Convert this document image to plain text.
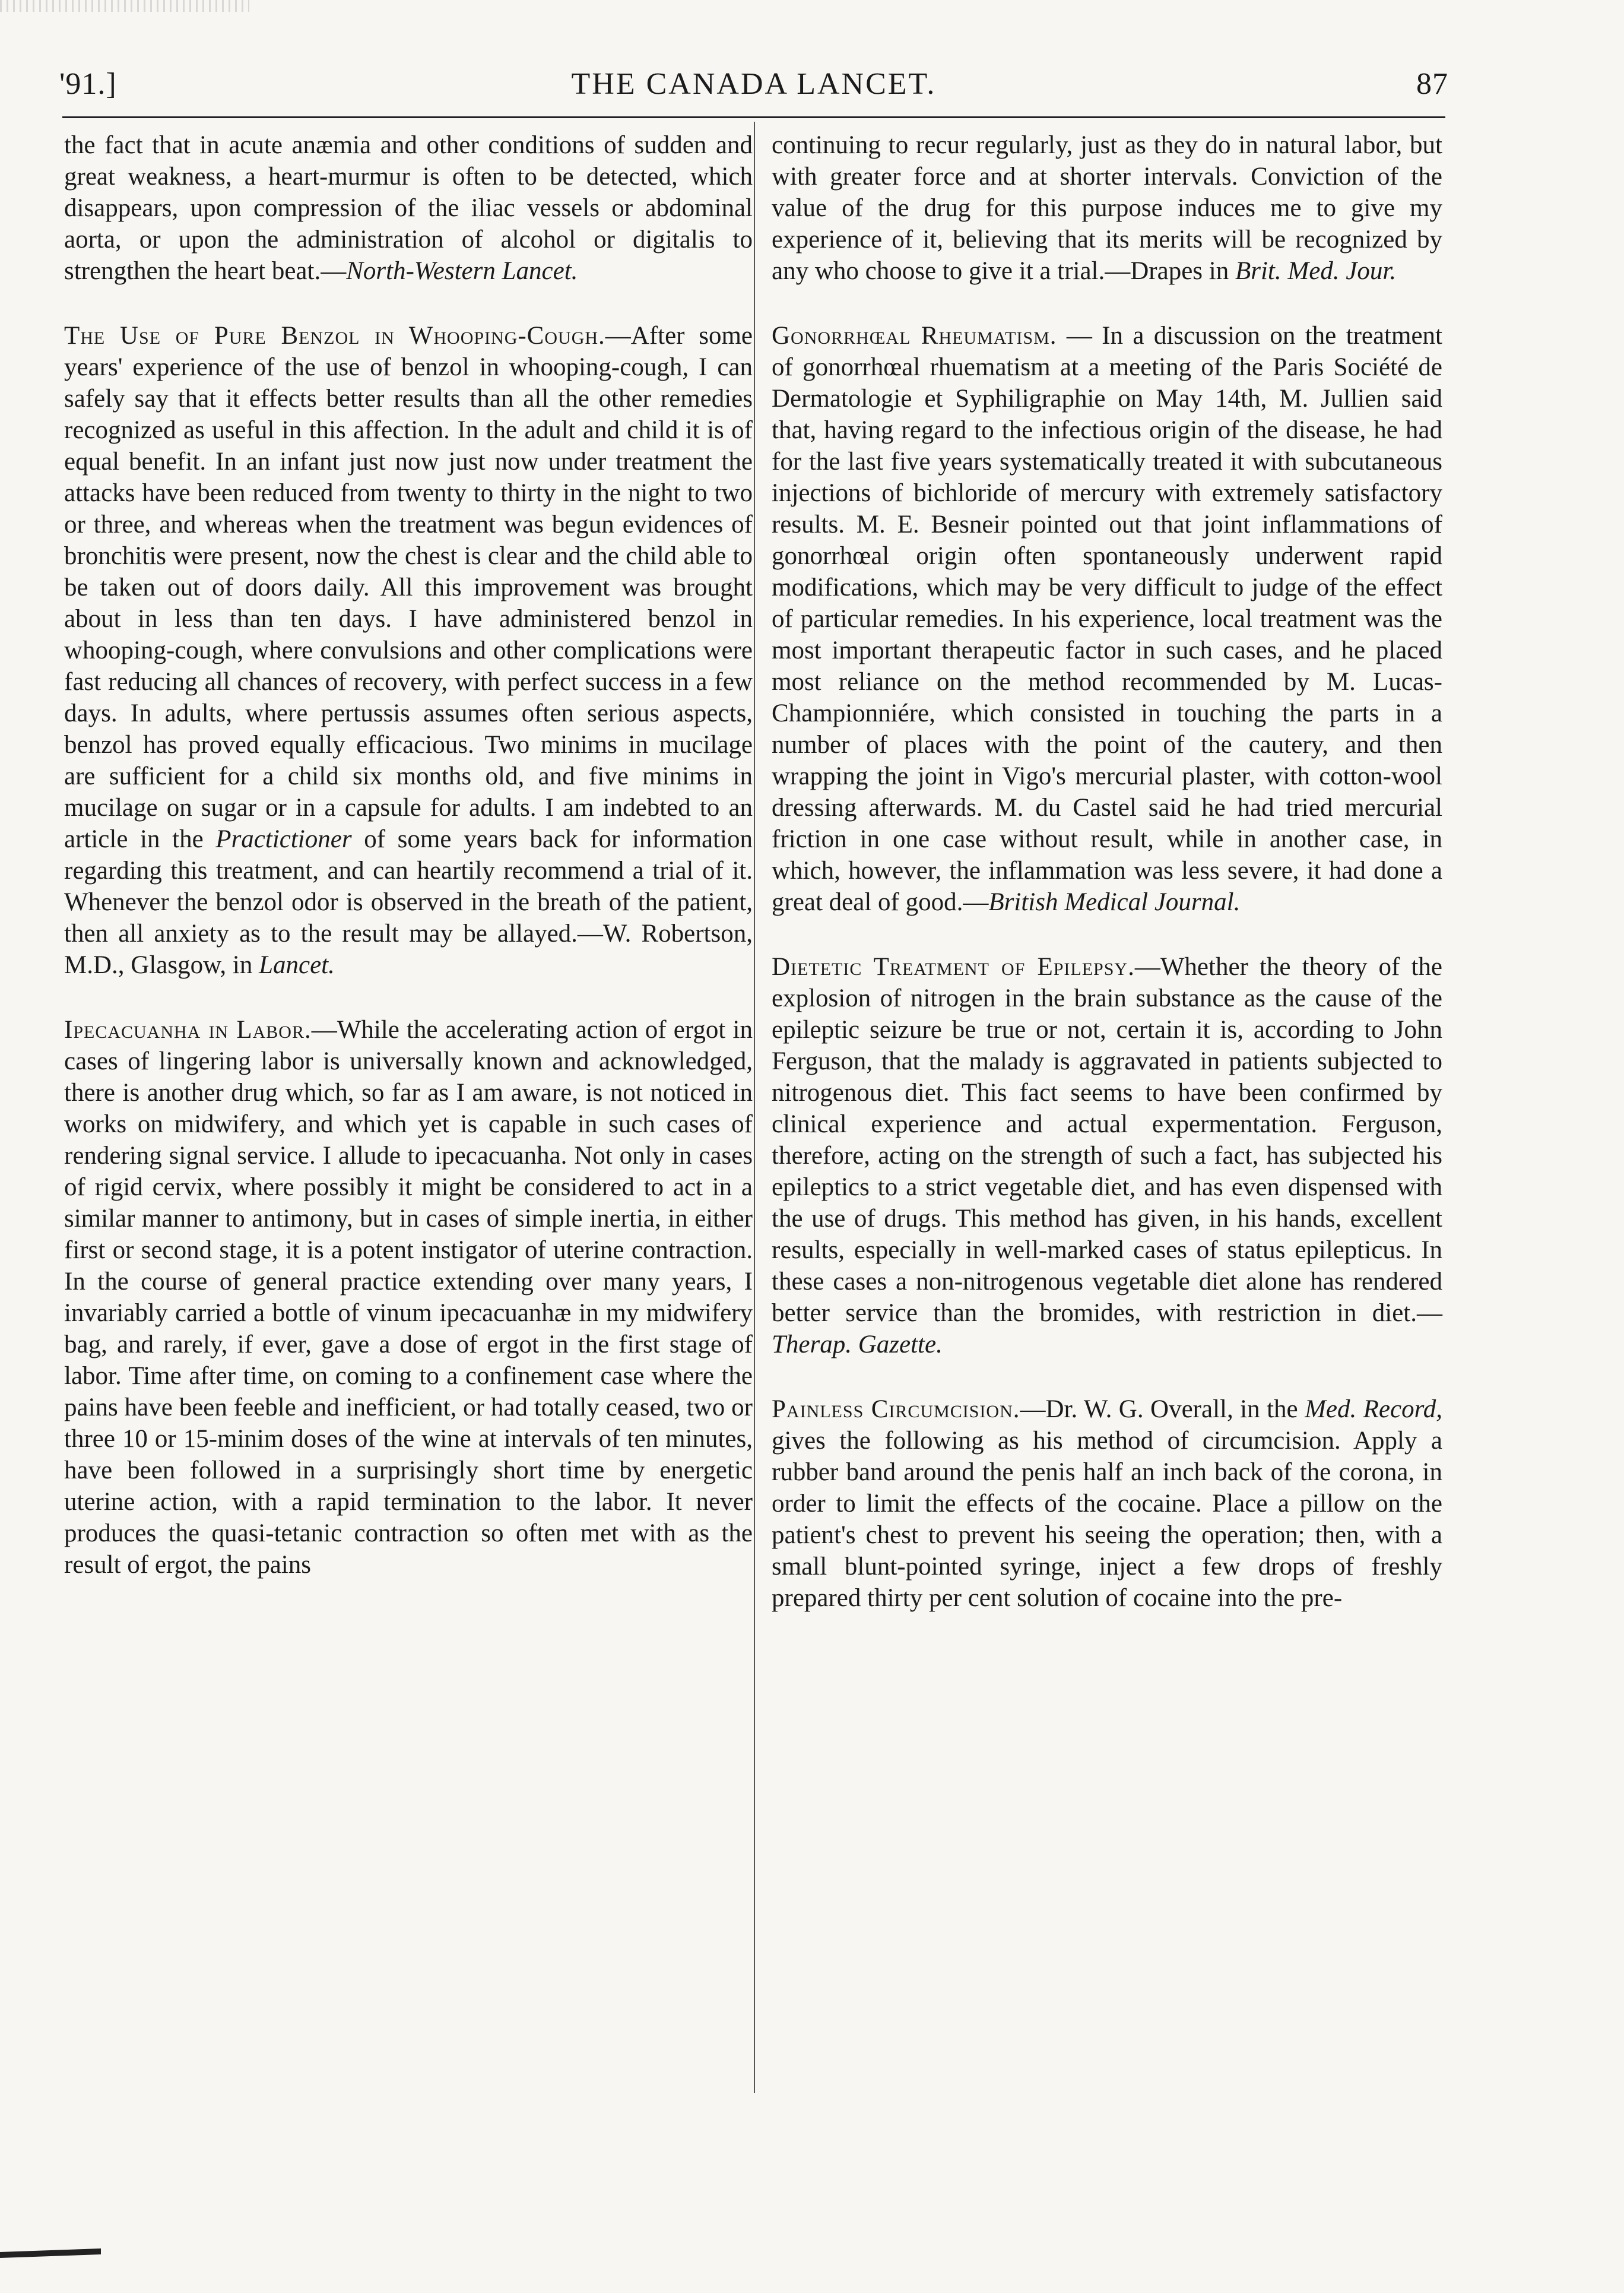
'91.]	THE CANADA LANCET.	87

the fact that in acute anæmia and other conditions of sudden and great weakness, a heart-murmur is often to be detected, which disappears, upon compression of the iliac vessels or abdominal aorta, or upon the administration of alcohol or digitalis to strengthen the heart beat.—North-Western Lancet.

The Use of Pure Benzol in Whooping-Cough.—After some years' experience of the use of benzol in whooping-cough, I can safely say that it effects better results than all the other remedies recognized as useful in this affection. In the adult and child it is of equal benefit. In an infant just now just now under treatment the attacks have been reduced from twenty to thirty in the night to two or three, and whereas when the treatment was begun evidences of bronchitis were present, now the chest is clear and the child able to be taken out of doors daily. All this improvement was brought about in less than ten days. I have administered benzol in whooping-cough, where convulsions and other complications were fast reducing all chances of recovery, with perfect success in a few days. In adults, where pertussis assumes often serious aspects, benzol has proved equally efficacious. Two minims in mucilage are sufficient for a child six months old, and five minims in mucilage on sugar or in a capsule for adults. I am indebted to an article in the Practictioner of some years back for information regarding this treatment, and can heartily recommend a trial of it. Whenever the benzol odor is observed in the breath of the patient, then all anxiety as to the result may be allayed.—W. Robertson, M.D., Glasgow, in Lancet.

Ipecacuanha in Labor.—While the accelerating action of ergot in cases of lingering labor is universally known and acknowledged, there is another drug which, so far as I am aware, is not noticed in works on midwifery, and which yet is capable in such cases of rendering signal service. I allude to ipecacuanha. Not only in cases of rigid cervix, where possibly it might be considered to act in a similar manner to antimony, but in cases of simple inertia, in either first or second stage, it is a potent instigator of uterine contraction. In the course of general practice extending over many years, I invariably carried a bottle of vinum ipecacuanhæ in my midwifery bag, and rarely, if ever, gave a dose of ergot in the first stage of labor. Time after time, on coming to a confinement case where the pains have been feeble and inefficient, or had totally ceased, two or three 10 or 15-minim doses of the wine at intervals of ten minutes, have been followed in a surprisingly short time by energetic uterine action, with a rapid termination to the labor. It never produces the quasi-tetanic contraction so often met with as the result of ergot, the pains

continuing to recur regularly, just as they do in natural labor, but with greater force and at shorter intervals. Conviction of the value of the drug for this purpose induces me to give my experience of it, believing that its merits will be recognized by any who choose to give it a trial.—Drapes in Brit. Med. Jour.

Gonorrhœal Rheumatism. — In a discussion on the treatment of gonorrhœal rhuematism at a meeting of the Paris Société de Dermatologie et Syphiligraphie on May 14th, M. Jullien said that, having regard to the infectious origin of the disease, he had for the last five years systematically treated it with subcutaneous injections of bichloride of mercury with extremely satisfactory results. M. E. Besneir pointed out that joint inflammations of gonorrhœal origin often spontaneously underwent rapid modifications, which may be very difficult to judge of the effect of particular remedies. In his experience, local treatment was the most important therapeutic factor in such cases, and he placed most reliance on the method recommended by M. Lucas-Championniére, which consisted in touching the parts in a number of places with the point of the cautery, and then wrapping the joint in Vigo's mercurial plaster, with cotton-wool dressing afterwards. M. du Castel said he had tried mercurial friction in one case without result, while in another case, in which, however, the inflammation was less severe, it had done a great deal of good.—British Medical Journal.

Dietetic Treatment of Epilepsy.—Whether the theory of the explosion of nitrogen in the brain substance as the cause of the epileptic seizure be true or not, certain it is, according to John Ferguson, that the malady is aggravated in patients subjected to nitrogenous diet. This fact seems to have been confirmed by clinical experience and actual expermentation. Ferguson, therefore, acting on the strength of such a fact, has subjected his epileptics to a strict vegetable diet, and has even dispensed with the use of drugs. This method has given, in his hands, excellent results, especially in well-marked cases of status epilepticus. In these cases a non-nitrogenous vegetable diet alone has rendered better service than the bromides, with restriction in diet.—Therap. Gazette.

Painless Circumcision.—Dr. W. G. Overall, in the Med. Record, gives the following as his method of circumcision. Apply a rubber band around the penis half an inch back of the corona, in order to limit the effects of the cocaine. Place a pillow on the patient's chest to prevent his seeing the operation; then, with a small blunt-pointed syringe, inject a few drops of freshly prepared thirty per cent solution of cocaine into the pre-
